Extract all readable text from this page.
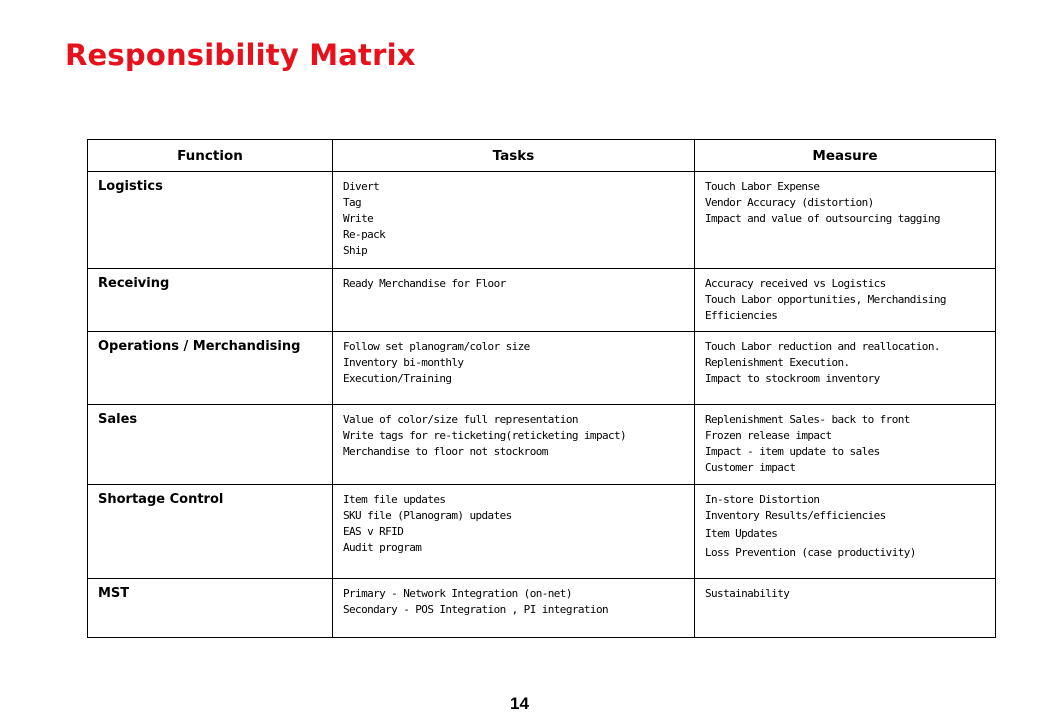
Responsibility Matrix
Function	Tasks	Measure
Logistics	Divert
Tag
Write
Re-pack
Ship	Touch Labor Expense
Vendor Accuracy (distortion)
Impact and value of outsourcing tagging

Receiving	Ready Merchandise for Floor	Accuracy received vs Logistics
Touch Labor opportunities, Merchandising
Efficiencies

Operations / Merchandising	Follow set planogram/color size
Inventory bi-monthly
Execution/Training	Touch Labor reduction and reallocation.
Replenishment Execution.
Impact to stockroom inventory

Sales	Value of color/size full representation
Write tags for re-ticketing(reticketing impact)
Merchandise to floor not stockroom	Replenishment Sales- back to front
Frozen release impact
Impact - item update to sales
Customer impact

Shortage Control	Item file updates
SKU file (Planogram) updates
EAS v RFID
Audit program	In-store Distortion
Inventory Results/efficiencies
Item Updates
Loss Prevention (case productivity)

MST	Primary - Network Integration (on-net)
Secondary - POS Integration , PI integration	Sustainability
14
